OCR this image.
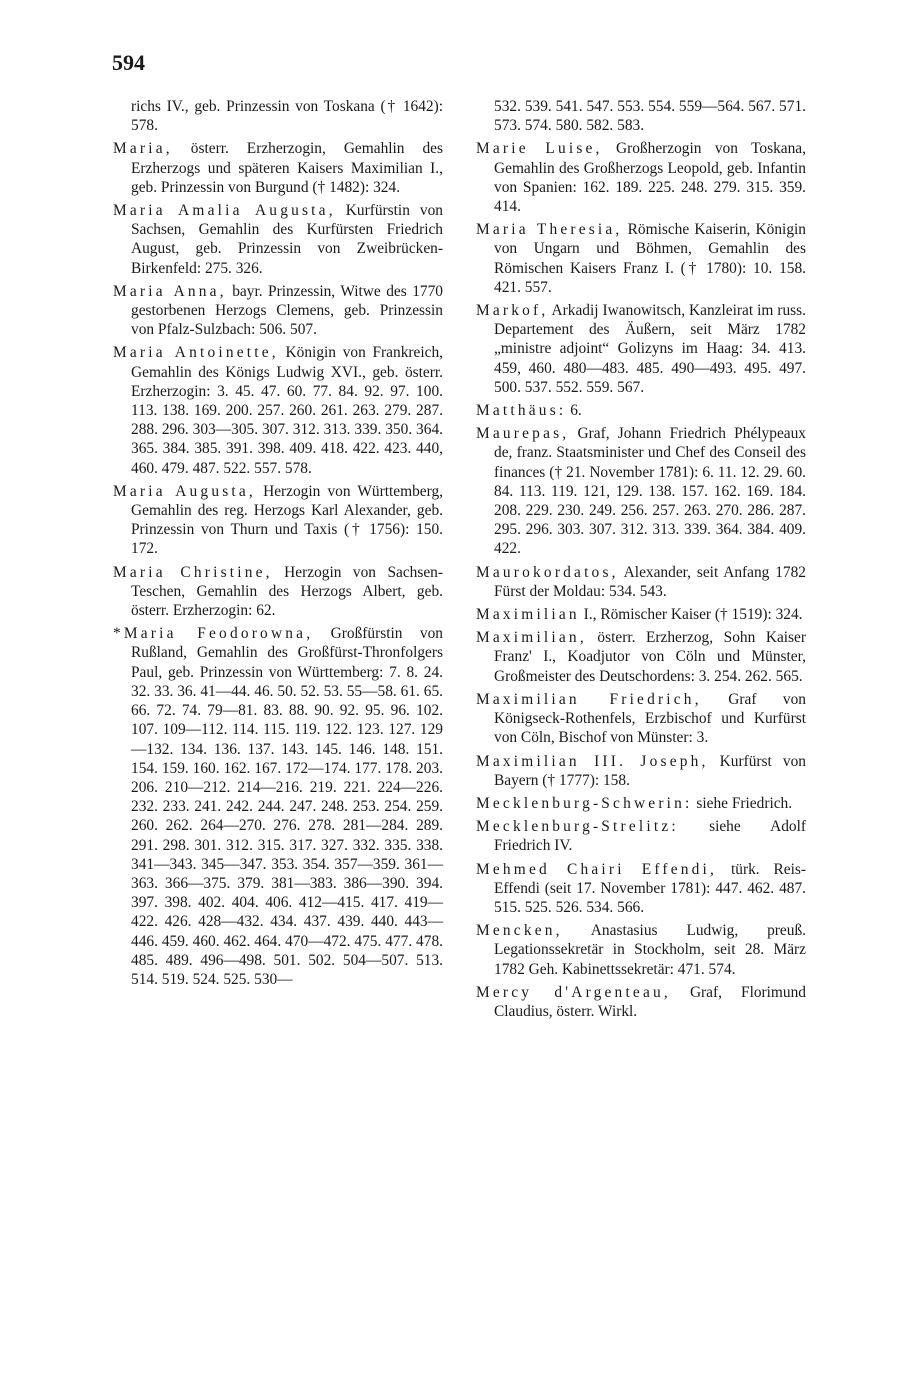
594

richs IV., geb. Prinzessin von Toskana († 1642): 578.

Maria, österr. Erzherzogin, Gemahlin des Erzherzogs und späteren Kaisers Maximilian I., geb. Prinzessin von Burgund († 1482): 324.

Maria Amalia Augusta, Kurfürstin von Sachsen, Gemahlin des Kurfürsten Friedrich August, geb. Prinzessin von Zweibrücken-Birkenfeld: 275. 326.

Maria Anna, bayr. Prinzessin, Witwe des 1770 gestorbenen Herzogs Clemens, geb. Prinzessin von Pfalz-Sulzbach: 506. 507.

Maria Antoinette, Königin von Frankreich, Gemahlin des Königs Ludwig XVI., geb. österr. Erzherzogin: 3. 45. 47. 60. 77. 84. 92. 97. 100. 113. 138. 169. 200. 257. 260. 261. 263. 279. 287. 288. 296. 303—305. 307. 312. 313. 339. 350. 364. 365. 384. 385. 391. 398. 409. 418. 422. 423. 440, 460. 479. 487. 522. 557. 578.

Maria Augusta, Herzogin von Württemberg, Gemahlin des reg. Herzogs Karl Alexander, geb. Prinzessin von Thurn und Taxis († 1756): 150. 172.

Maria Christine, Herzogin von Sachsen-Teschen, Gemahlin des Herzogs Albert, geb. österr. Erzherzogin: 62.

*Maria Feodorowna, Großfürstin von Rußland, Gemahlin des Großfürst-Thronfolgers Paul, geb. Prinzessin von Württemberg: 7. 8. 24. 32. 33. 36. 41—44. 46. 50. 52. 53. 55—58. 61. 65. 66. 72. 74. 79—81. 83. 88. 90. 92. 95. 96. 102. 107. 109—112. 114. 115. 119. 122. 123. 127. 129—132. 134. 136. 137. 143. 145. 146. 148. 151. 154. 159. 160. 162. 167. 172—174. 177. 178. 203. 206. 210—212. 214—216. 219. 221. 224—226. 232. 233. 241. 242. 244. 247. 248. 253. 254. 259. 260. 262. 264—270. 276. 278. 281—284. 289. 291. 298. 301. 312. 315. 317. 327. 332. 335. 338. 341—343. 345—347. 353. 354. 357—359. 361—363. 366—375. 379. 381—383. 386—390. 394. 397. 398. 402. 404. 406. 412—415. 417. 419—422. 426. 428—432. 434. 437. 439. 440. 443—446. 459. 460. 462. 464. 470—472. 475. 477. 478. 485. 489. 496—498. 501. 502. 504—507. 513. 514. 519. 524. 525. 530—

532. 539. 541. 547. 553. 554. 559—564. 567. 571. 573. 574. 580. 582. 583.

Marie Luise, Großherzogin von Toskana, Gemahlin des Großherzogs Leopold, geb. Infantin von Spanien: 162. 189. 225. 248. 279. 315. 359. 414.

Maria Theresia, Römische Kaiserin, Königin von Ungarn und Böhmen, Gemahlin des Römischen Kaisers Franz I. († 1780): 10. 158. 421. 557.

Markof, Arkadij Iwanowitsch, Kanzleirat im russ. Departement des Äußern, seit März 1782 „ministre adjoint“ Golizyns im Haag: 34. 413. 459, 460. 480—483. 485. 490—493. 495. 497. 500. 537. 552. 559. 567.

Matthäus: 6.

Maurepas, Graf, Johann Friedrich Phélypeaux de, franz. Staatsminister und Chef des Conseil des finances († 21. November 1781): 6. 11. 12. 29. 60. 84. 113. 119. 121, 129. 138. 157. 162. 169. 184. 208. 229. 230. 249. 256. 257. 263. 270. 286. 287. 295. 296. 303. 307. 312. 313. 339. 364. 384. 409. 422.

Maurokordatos, Alexander, seit Anfang 1782 Fürst der Moldau: 534. 543.

Maximilian I., Römischer Kaiser († 1519): 324.

Maximilian, österr. Erzherzog, Sohn Kaiser Franz' I., Koadjutor von Cöln und Münster, Großmeister des Deutschordens: 3. 254. 262. 565.

Maximilian Friedrich, Graf von Königseck-Rothenfels, Erzbischof und Kurfürst von Cöln, Bischof von Münster: 3.

Maximilian III. Joseph, Kurfürst von Bayern († 1777): 158.

Mecklenburg-Schwerin: siehe Friedrich.

Mecklenburg-Strelitz: siehe Adolf Friedrich IV.

Mehmed Chairi Effendi, türk. Reis-Effendi (seit 17. November 1781): 447. 462. 487. 515. 525. 526. 534. 566.

Mencken, Anastasius Ludwig, preuß. Legationssekretär in Stockholm, seit 28. März 1782 Geh. Kabinettssekretär: 471. 574.

Mercy d'Argenteau, Graf, Florimund Claudius, österr. Wirkl.
